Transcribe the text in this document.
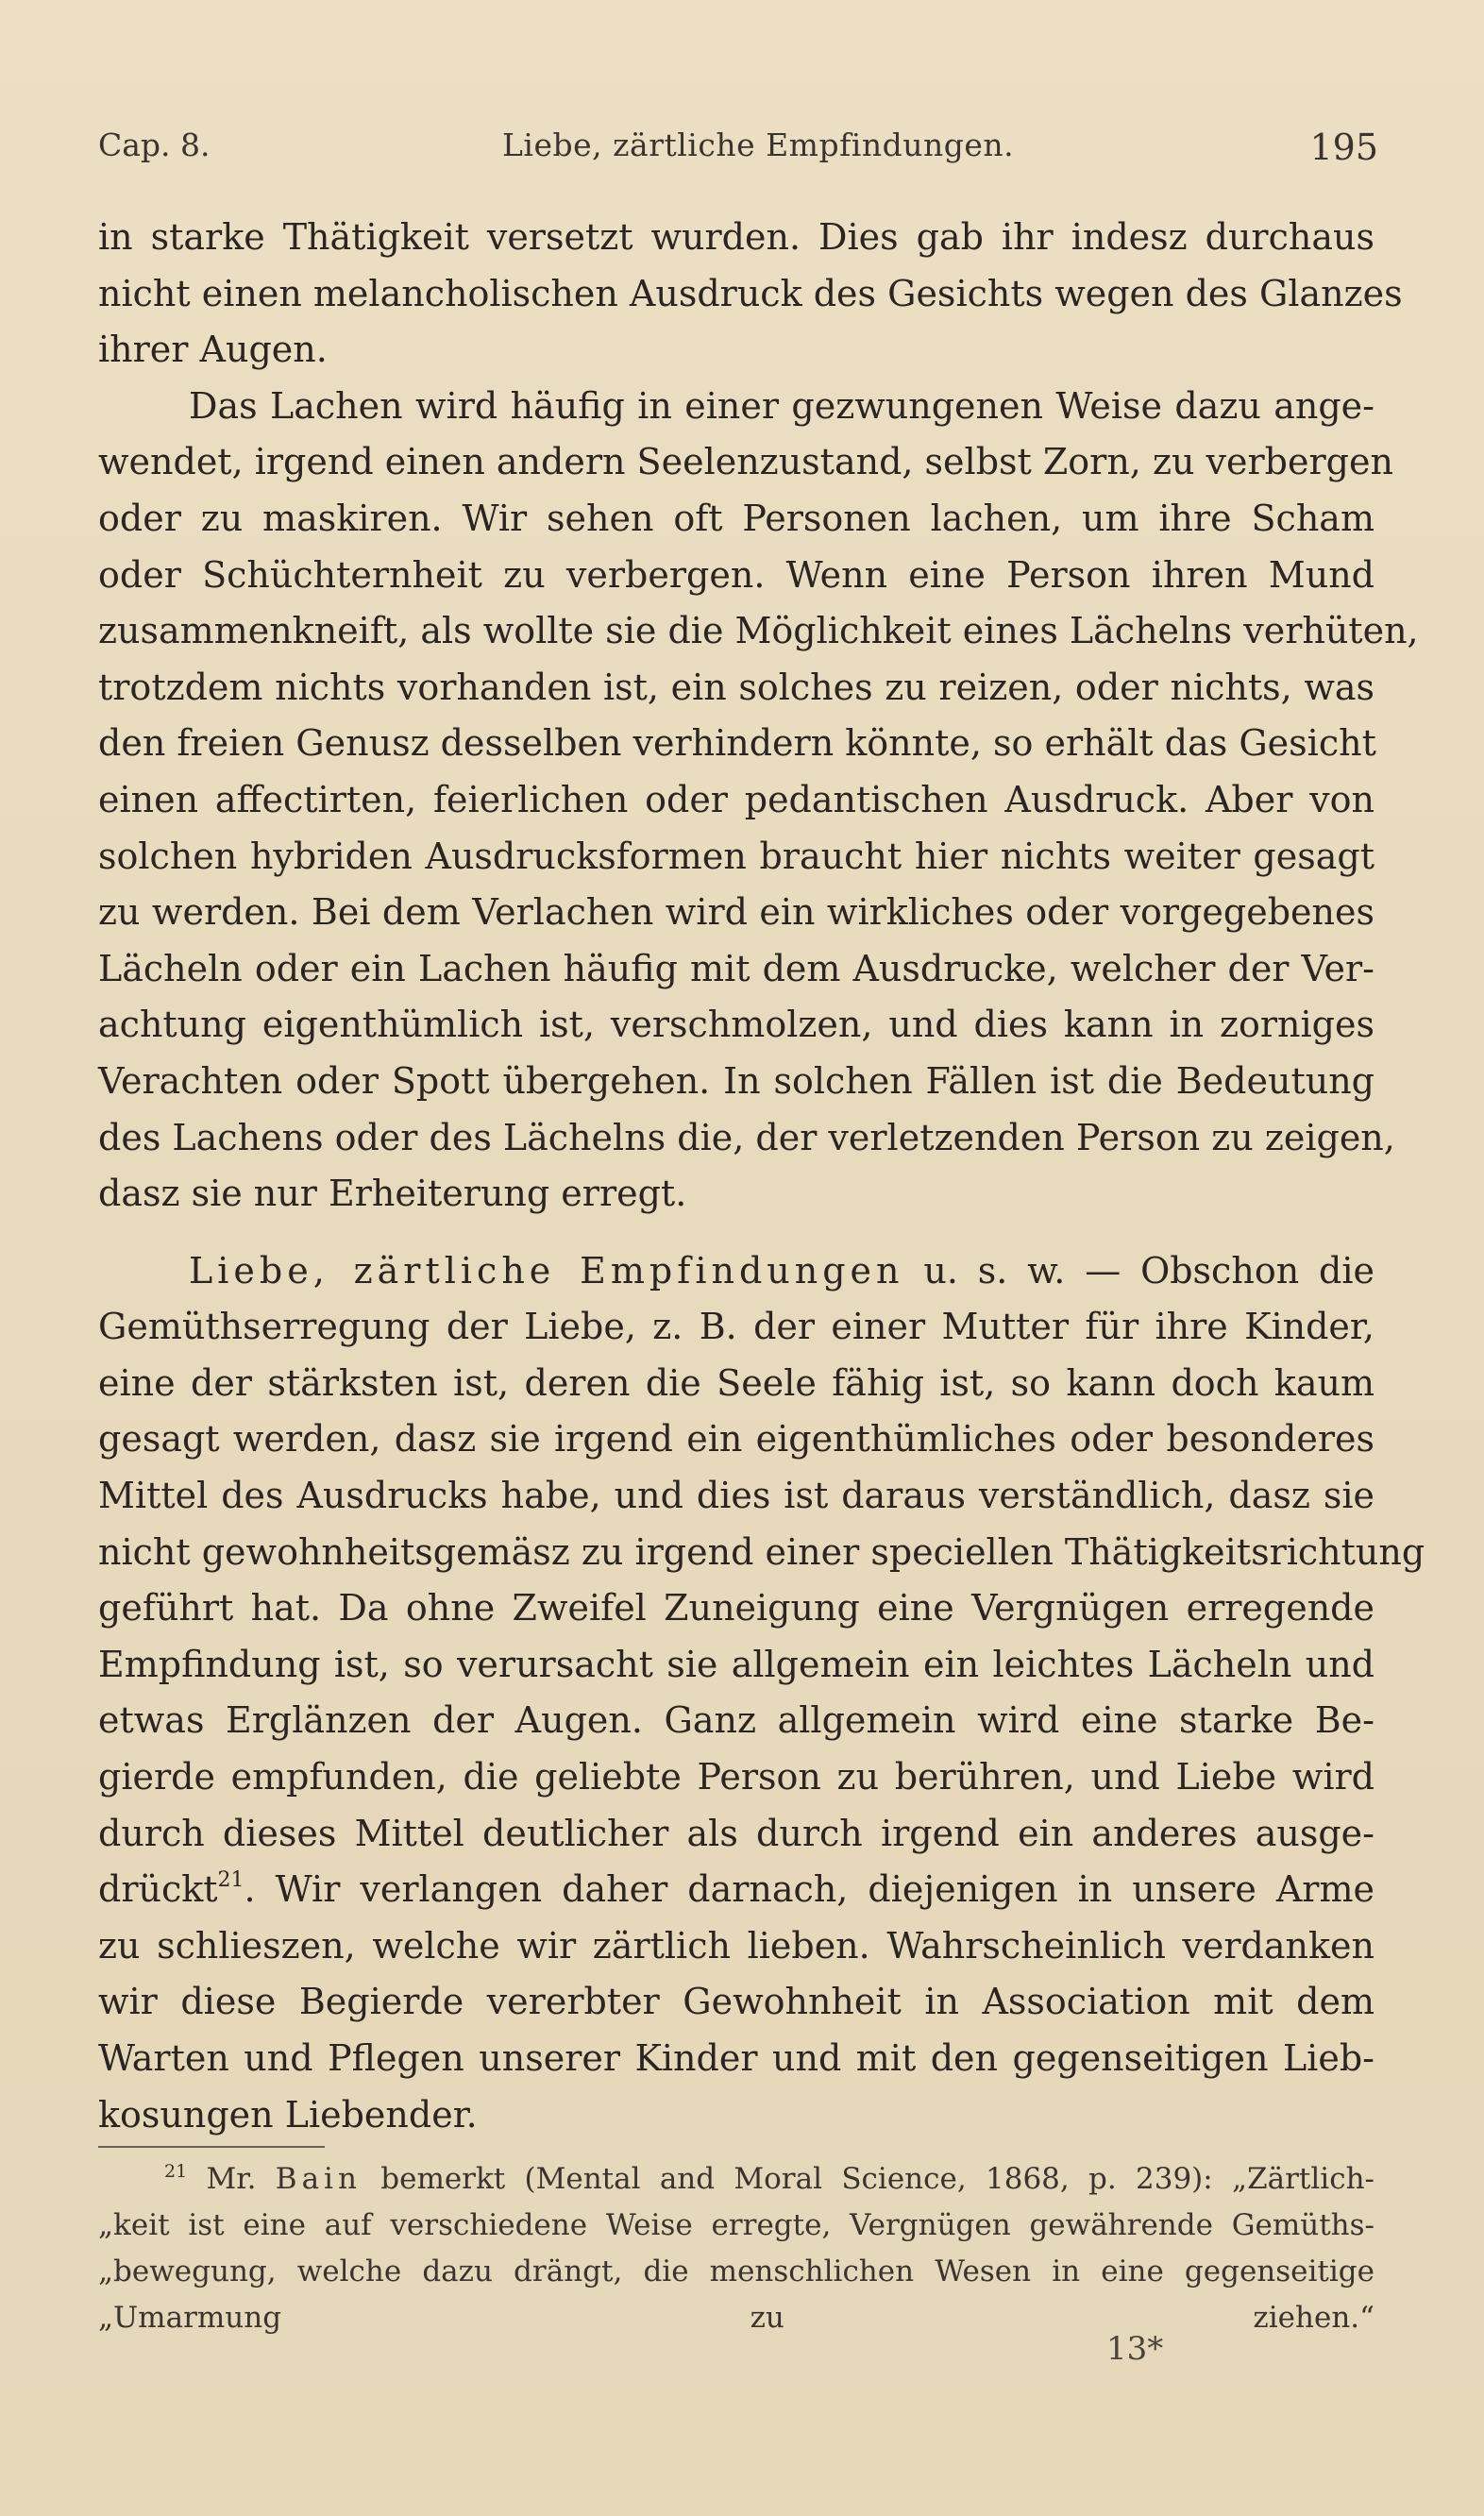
Cap. 8.	Liebe, zärtliche Empfindungen.	195
in starke Thätigkeit versetzt wurden. Dies gab ihr indesz durchaus
nicht einen melancholischen Ausdruck des Gesichts wegen des Glanzes
ihrer Augen.
Das Lachen wird häufig in einer gezwungenen Weise dazu ange-
wendet, irgend einen andern Seelenzustand, selbst Zorn, zu verbergen
oder zu maskiren. Wir sehen oft Personen lachen, um ihre Scham
oder Schüchternheit zu verbergen. Wenn eine Person ihren Mund
zusammenkneift, als wollte sie die Möglichkeit eines Lächelns verhüten,
trotzdem nichts vorhanden ist, ein solches zu reizen, oder nichts, was
den freien Genusz desselben verhindern könnte, so erhält das Gesicht
einen affectirten, feierlichen oder pedantischen Ausdruck. Aber von
solchen hybriden Ausdrucksformen braucht hier nichts weiter gesagt
zu werden. Bei dem Verlachen wird ein wirkliches oder vorgegebenes
Lächeln oder ein Lachen häufig mit dem Ausdrucke, welcher der Ver-
achtung eigenthümlich ist, verschmolzen, und dies kann in zorniges
Verachten oder Spott übergehen. In solchen Fällen ist die Bedeutung
des Lachens oder des Lächelns die, der verletzenden Person zu zeigen,
dasz sie nur Erheiterung erregt.
Liebe, zärtliche Empfindungen u. s. w. — Obschon die
Gemüthserregung der Liebe, z. B. der einer Mutter für ihre Kinder,
eine der stärksten ist, deren die Seele fähig ist, so kann doch kaum
gesagt werden, dasz sie irgend ein eigenthümliches oder besonderes
Mittel des Ausdrucks habe, und dies ist daraus verständlich, dasz sie
nicht gewohnheitsgemäsz zu irgend einer speciellen Thätigkeitsrichtung
geführt hat. Da ohne Zweifel Zuneigung eine Vergnügen erregende
Empfindung ist, so verursacht sie allgemein ein leichtes Lächeln und
etwas Erglänzen der Augen. Ganz allgemein wird eine starke Be-
gierde empfunden, die geliebte Person zu berühren, und Liebe wird
durch dieses Mittel deutlicher als durch irgend ein anderes ausge-
drückt$^{21}$. Wir verlangen daher darnach, diejenigen in unsere Arme
zu schlieszen, welche wir zärtlich lieben. Wahrscheinlich verdanken
wir diese Begierde vererbter Gewohnheit in Association mit dem
Warten und Pflegen unserer Kinder und mit den gegenseitigen Lieb-
kosungen Liebender.
$^{21}$ Mr. Bain bemerkt (Mental and Moral Science, 1868, p. 239): „Zärtlich-
„keit ist eine auf verschiedene Weise erregte, Vergnügen gewährende Gemüths-
„bewegung, welche dazu drängt, die menschlichen Wesen in eine gegenseitige
„Umarmung zu ziehen.“
13*
